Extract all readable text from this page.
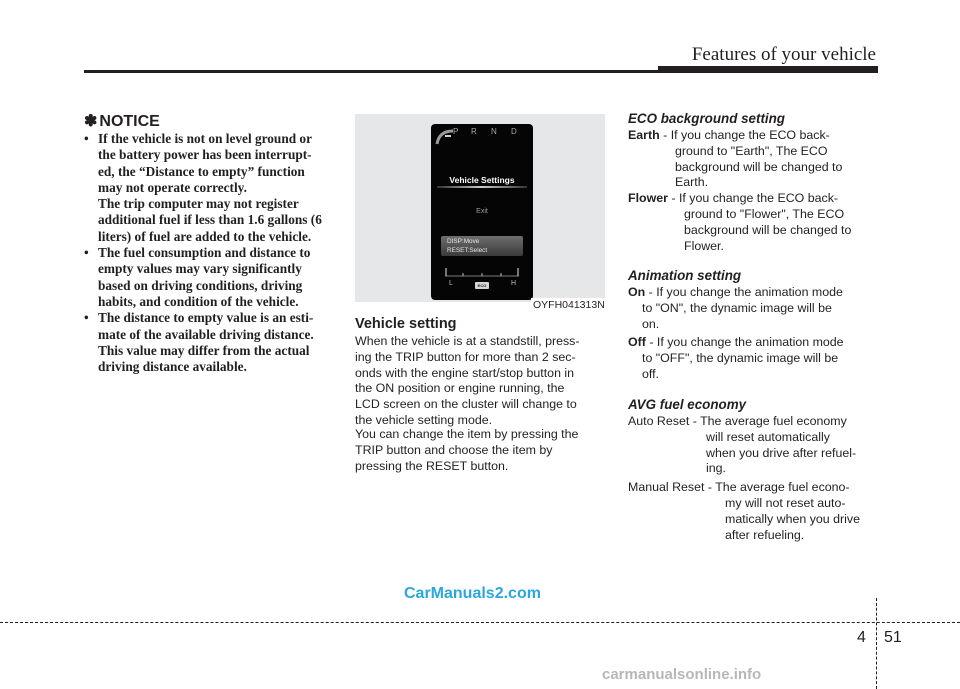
Features of your vehicle
✽ NOTICE
• If the vehicle is not on level ground or
the battery power has been interrupt-
ed, the “Distance to empty” function
may not operate correctly.
The trip computer may not register
additional fuel if less than 1.6 gallons (6
liters) of fuel are added to the vehicle.
• The fuel consumption and distance to
empty values may vary significantly
based on driving conditions, driving
habits, and condition of the vehicle.
• The distance to empty value is an esti-
mate of the available driving distance.
This value may differ from the actual
driving distance available.
P R N D
Vehicle Settings
Exit
DISP:Move
RESET:Select
L	H
ECO
OYFH041313N
Vehicle setting
When the vehicle is at a standstill, press-
ing the TRIP button for more than 2 sec-
onds with the engine start/stop button in
the ON position or engine running, the
LCD screen on the cluster will change to
the vehicle setting mode.
You can change the item by pressing the
TRIP button and choose the item by
pressing the RESET button.
ECO background setting
Earth - If you change the ECO back-
ground to "Earth", The ECO
background will be changed to
Earth.
Flower - If you change the ECO back-
ground to "Flower", The ECO
background will be changed to
Flower.
Animation setting
On - If you change the animation mode
to "ON", the dynamic image will be
on.
Off - If you change the animation mode
to "OFF", the dynamic image will be
off.
AVG fuel economy
Auto Reset - The average fuel economy
will reset automatically
when you drive after refuel-
ing.
Manual Reset - The average fuel econo-
my will not reset auto-
matically when you drive
after refueling.
CarManuals2.com
4 51
carmanualsonline.info
